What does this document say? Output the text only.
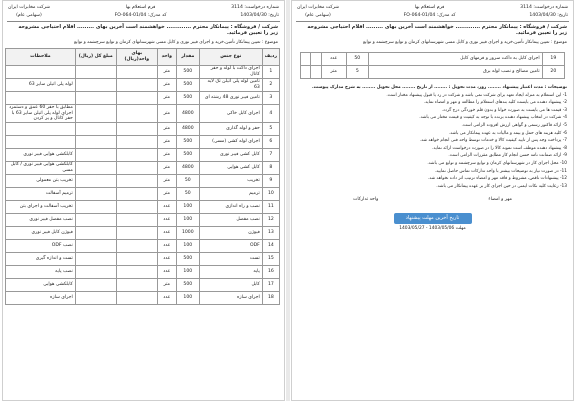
شماره درخواست: 3114
تاریخ: 1403/04/30
فرم استعلام بها
کد مدرک: FO-064-01/04
شرکت مخابرات ایران
(سهامی عام)
شرکت / فروشگاه : پیمانکار محترم ............. خواهشمند است آخرین بهای ......... اقلام احتیاجی مشروحه زیر را تعیین فرمائید.
موضوع : تعیین پیمانکار تأمین،خرید و اجرای فیبر نوری و کابل مسی شهرستانهای کرمان و توابع سرچشمه و توابع
ردیف	نوع جنس	مقدار	واحد	بهای واحد(ریال)	مبلغ کل (ریال)	ملاحظات
1	اجرای داکت با لوله و حفر کانال	500	متر			
2	تامین لوله پلی اتیلن تک لایه 63	500	متر			لوله پلی اتیلن سایز 63
3	تامین فیبر نوری 48 رشته ای	500	متر			
4	اجرای کابل خاکی	4800	متر			مطابق با حفر 60 عمق و دستمزد اجرای لوله پلی اتیلن سایز 63 با حفر کانال و پر کردن
5	حفر و لوله گذاری	4800	متر			
6	اجرای لوله کشی (مسی)	500	متر			
7	کابل کشی فیبر نوری	500	متر			کابلکشی هوایی فیبر نوری
8	کابل کشی هوایی	4800	متر			کابلکشی هوایی فیبر نوری / کابل مسی
9	تخریب	50	متر			تخریب بتن معمولی
10	ترمیم	50	متر			ترمیم آسفالت
11	نصب و راه اندازی	100	عدد			تخریب آسفالت و اجرای بتن
12	نصب مفصل	100	عدد			نصب مفصل فیبر نوری
13	فیوژن	1000	عدد			فیوژن کابل فیبر نوری
14	ODF	100	عدد			نصب ODF
15	تست	500	عدد			تست و اندازه گیری
16	پایه	100	عدد			نصب پایه
17	کابل	500	متر			کابلکشی هوایی
18	اجرای سازه	100	عدد			اجرای سازه
شماره درخواست: 3114
تاریخ: 1403/04/30
فرم استعلام بها
کد مدرک: FO-064-01/04
شرکت مخابرات ایران
(سهامی عام)
شرکت / فروشگاه : پیمانکار محترم ............. خواهشمند است آخرین بهای ......... اقلام احتیاجی مشروحه زیر را تعیین فرمائید.
موضوع : تعیین پیمانکار تأمین،خرید و اجرای فیبر نوری و کابل مسی شهرستانهای کرمان و توابع سرچشمه و توابع
19	اجرای کابل به داکت سرور و فرمهای کابل	50	عدد		
20	تامین مصالح و نصب لوله برق	5	متر		

توضیحات : مدت اعتبار پیشنهاد ........ روز، مدت تحویل : ........ از تاریخ ........ محل تحویل ........ به شرح مدارک پیوست.

1- این استعلام به منزله ایجاد تعهد برای شرکت نمی باشد و شرکت در رد یا قبول پیشنهاد مختار است.

2- پیشنهاد دهنده می بایست کلیه بندهای استعلام را مطالعه و مهر و امضاء نماید.

3- قیمت ها می بایست به صورت خوانا و بدون قلم خوردگی درج گردد.

4- شرکت در انتخاب پیشنهاد دهنده برنده با توجه به کیفیت و قیمت مختار می باشد.

5- ارائه فاکتور رسمی و گواهی ارزش افزوده الزامی است.

6- کلیه هزینه های حمل و بیمه و مالیات به عهده پیمانکار می باشد.

7- پرداخت وجه پس از تایید کیفیت کالا و خدمات توسط واحد فنی انجام خواهد شد.

8- پیشنهاد دهنده موظف است نمونه کالا را در صورت درخواست ارائه نماید.

9- ارائه ضمانت نامه حسن انجام کار مطابق مقررات الزامی است.

10- محل اجرای کار در شهرستانهای کرمان و توابع سرچشمه و توابع می باشد.

11- در صورت نیاز به توضیحات بیشتر با واحد تدارکات تماس حاصل نمایید.

12- پیشنهادات ناقص، مشروط و فاقد مهر و امضاء ترتیب اثر داده نخواهد شد.

13- رعایت کلیه نکات ایمنی در حین اجرای کار بر عهده پیمانکار می باشد.

مهر و امضاء
واحد تدارکات
تاریخ آخرین مهلت پیشنهاد
مهلت 1403/05/06 - 1403/05/27
